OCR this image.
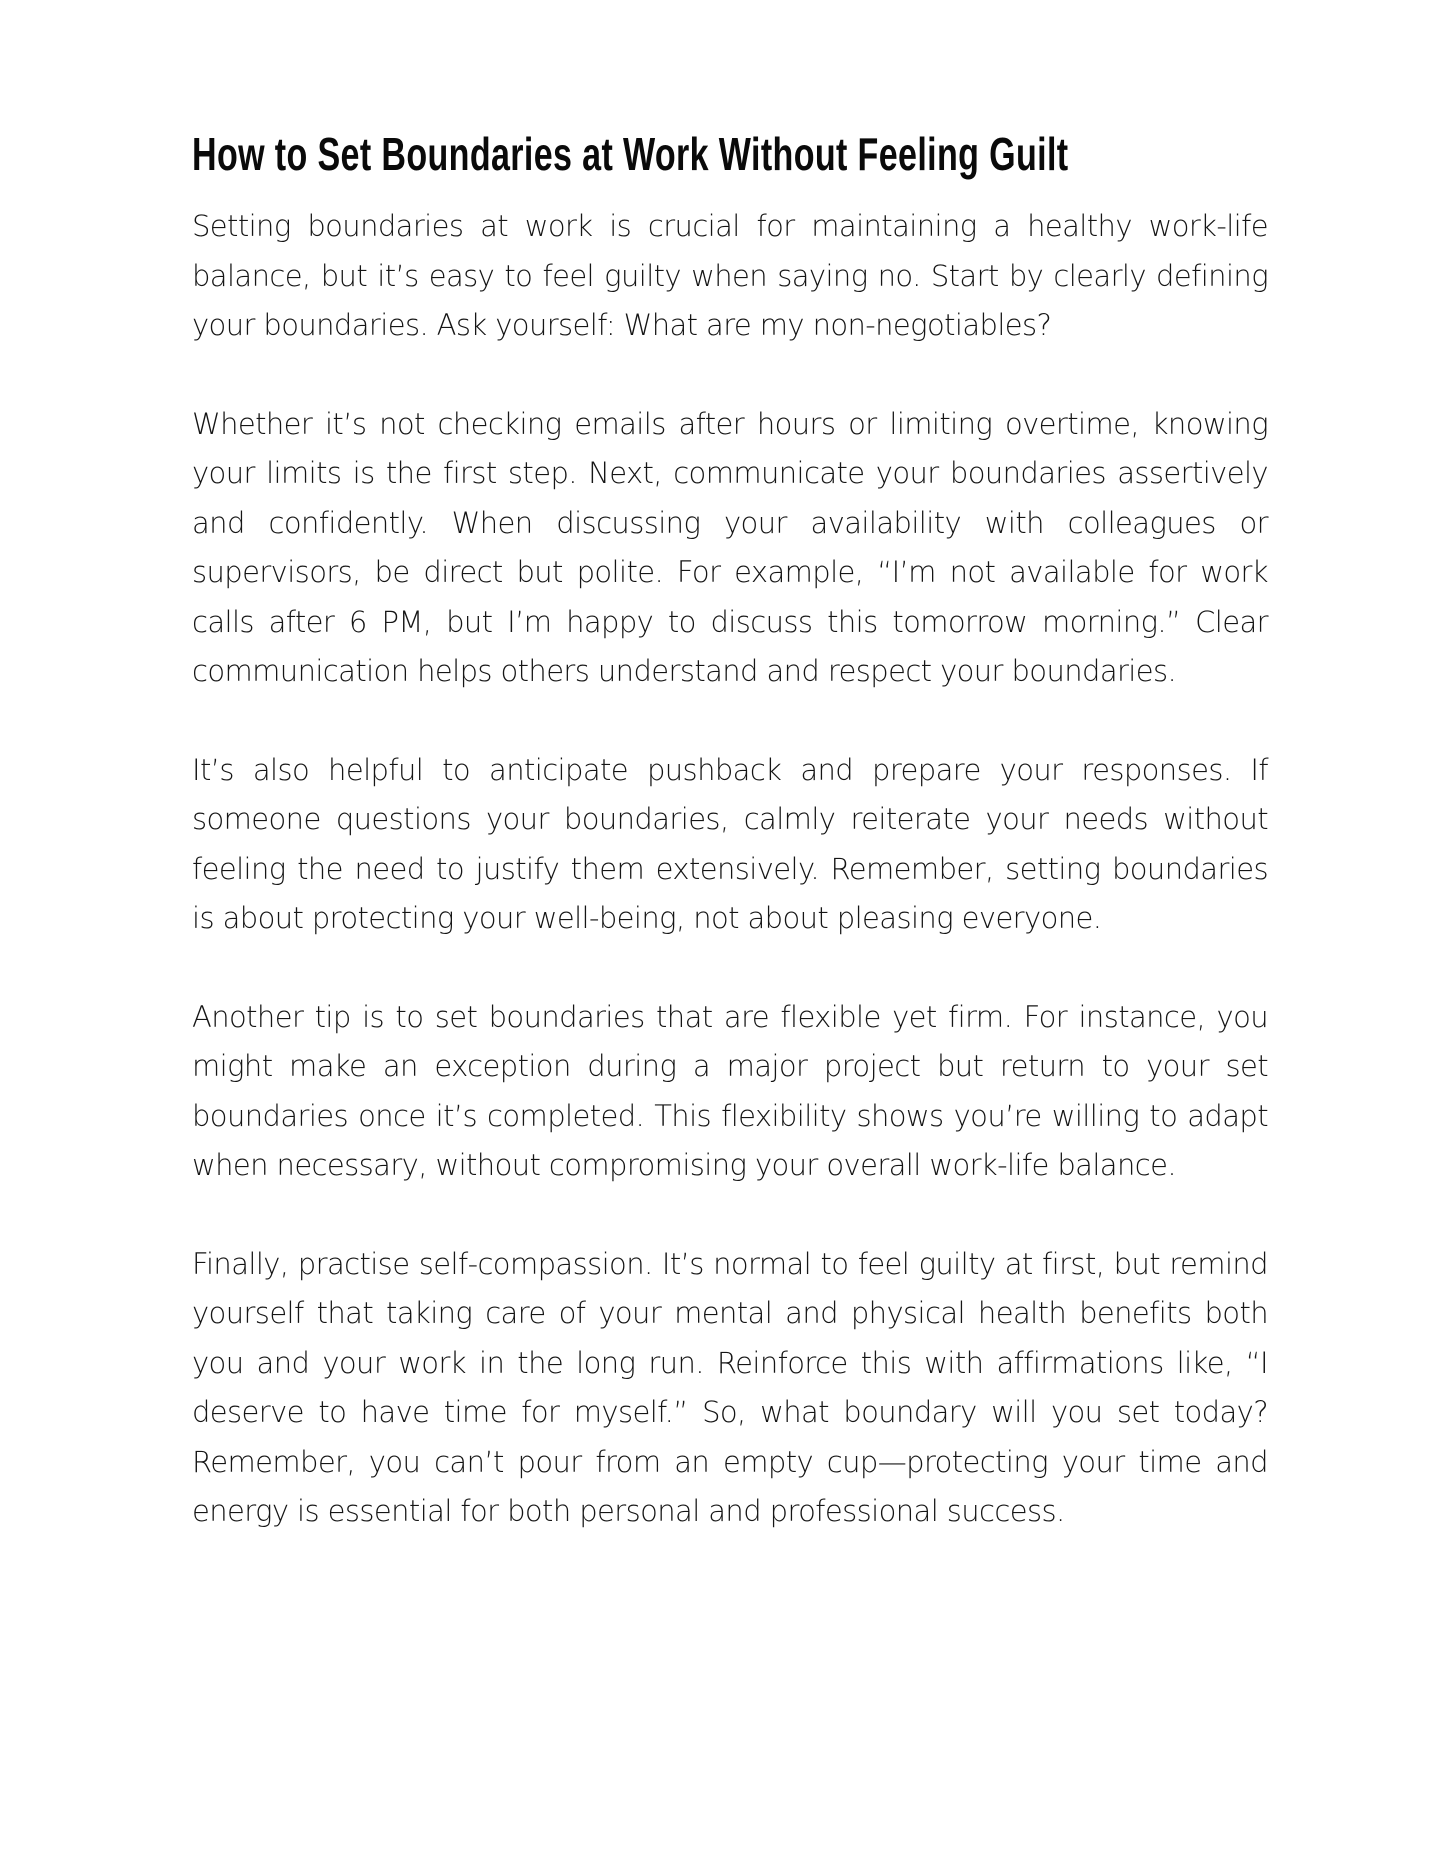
How to Set Boundaries at Work Without Feeling Guilt

Setting boundaries at work is crucial for maintaining a healthy work-life balance, but it’s easy to feel guilty when saying no. Start by clearly defining your boundaries. Ask yourself: What are my non-negotiables?

Whether it’s not checking emails after hours or limiting overtime, knowing your limits is the first step. Next, communicate your boundaries assertively and confidently. When discussing your availability with colleagues or supervisors, be direct but polite. For example, “I’m not available for work calls after 6 PM, but I’m happy to discuss this tomorrow morning.” Clear communication helps others understand and respect your boundaries.

It’s also helpful to anticipate pushback and prepare your responses. If someone questions your boundaries, calmly reiterate your needs without feeling the need to justify them extensively. Remember, setting boundaries is about protecting your well-being, not about pleasing everyone.

Another tip is to set boundaries that are flexible yet firm. For instance, you might make an exception during a major project but return to your set boundaries once it’s completed. This flexibility shows you’re willing to adapt when necessary, without compromising your overall work-life balance.

Finally, practise self-compassion. It’s normal to feel guilty at first, but remind yourself that taking care of your mental and physical health benefits both you and your work in the long run. Reinforce this with affirmations like, “I deserve to have time for myself.” So, what boundary will you set today? Remember, you can’t pour from an empty cup—protecting your time and energy is essential for both personal and professional success.
